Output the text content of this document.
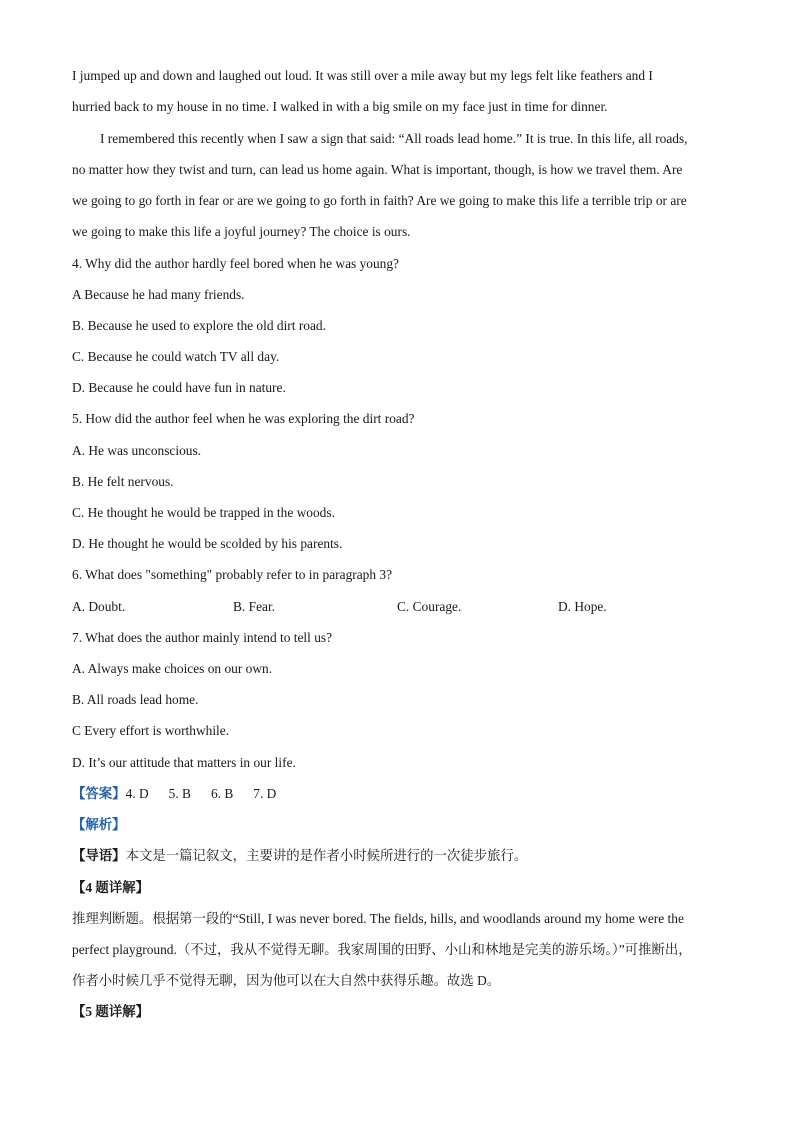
I jumped up and down and laughed out loud. It was still over a mile away but my legs felt like feathers and I
hurried back to my house in no time. I walked in with a big smile on my face just in time for dinner.
I remembered this recently when I saw a sign that said: “All roads lead home.” It is true. In this life, all roads,
no matter how they twist and turn, can lead us home again. What is important, though, is how we travel them. Are
we going to go forth in fear or are we going to go forth in faith? Are we going to make this life a terrible trip or are
we going to make this life a joyful journey? The choice is ours.
4. Why did the author hardly feel bored when he was young?
A Because he had many friends.
B. Because he used to explore the old dirt road.
C. Because he could watch TV all day.
D. Because he could have fun in nature.
5. How did the author feel when he was exploring the dirt road?
A. He was unconscious.
B. He felt nervous.
C. He thought he would be trapped in the woods.
D. He thought he would be scolded by his parents.
6. What does "something" probably refer to in paragraph 3?
A. Doubt.	B. Fear.	C. Courage.	D. Hope.
7. What does the author mainly intend to tell us?
A. Always make choices on our own.
B. All roads lead home.
C Every effort is worthwhile.
D. It’s our attitude that matters in our life.
【答案】4. D 5. B 6. B 7. D
【解析】
【导语】本文是一篇记叙文，主要讲的是作者小时候所进行的一次徒步旅行。
【4 题详解】
推理判断题。根据第一段的“Still, I was never bored. The fields, hills, and woodlands around my home were the
perfect playground.（不过，我从不觉得无聊。我家周围的田野、小山和林地是完美的游乐场。）”可推断出，
作者小时候几乎不觉得无聊，因为他可以在大自然中获得乐趣。故选 D。
【5 题详解】
